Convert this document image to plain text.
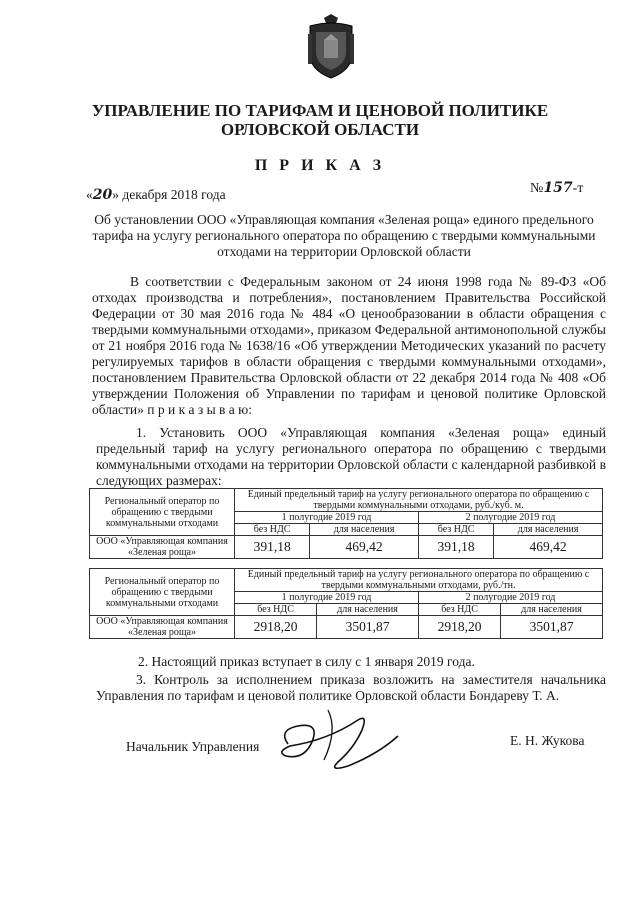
УПРАВЛЕНИЕ ПО ТАРИФАМ И ЦЕНОВОЙ ПОЛИТИКЕ
ОРЛОВСКОЙ ОБЛАСТИ
П Р И К А З
«20» декабря 2018 года	№157-т
Об установлении ООО «Управляющая компания «Зеленая роща» единого предельного тарифа на услугу регионального оператора по обращению с твердыми коммунальными отходами на территории Орловской области
В соответствии с Федеральным законом от 24 июня 1998 года № 89-ФЗ «Об отходах производства и потребления», постановлением Правительства Российской Федерации от 30 мая 2016 года № 484 «О ценообразовании в области обращения с твердыми коммунальными отходами», приказом Федеральной антимонопольной службы от 21 ноября 2016 года № 1638/16 «Об утверждении Методических указаний по расчету регулируемых тарифов в области обращения с твердыми коммунальными отходами», постановлением Правительства Орловской области от 22 декабря 2014 года № 408 «Об утверждении Положения об Управлении по тарифам и ценовой политике Орловской области» п р и к а з ы в а ю:
1. Установить ООО «Управляющая компания «Зеленая роща» единый предельный тариф на услугу регионального оператора по обращению с твердыми коммунальными отходами на территории Орловской области с календарной разбивкой в следующих размерах:
Региональный оператор по обращению с твердыми коммунальными отходами	Единый предельный тариф на услугу регионального оператора по обращению с твердыми коммунальными отходами, руб./куб. м.			
	1 полугодие 2019 год		2 полугодие 2019 год	
	без НДС	для населения	без НДС	для населения
ООО «Управляющая компания «Зеленая роща»	391,18	469,42	391,18	469,42
Региональный оператор по обращению с твердыми коммунальными отходами	Единый предельный тариф на услугу регионального оператора по обращению с твердыми коммунальными отходами, руб./тн.			
	1 полугодие 2019 год		2 полугодие 2019 год	
	без НДС	для населения	без НДС	для населения
ООО «Управляющая компания «Зеленая роща»	2918,20	3501,87	2918,20	3501,87
2. Настоящий приказ вступает в силу с 1 января 2019 года.
3. Контроль за исполнением приказа возложить на заместителя начальника Управления по тарифам и ценовой политике Орловской области Бондареву Т. А.
Начальник Управления	Е. Н. Жукова
